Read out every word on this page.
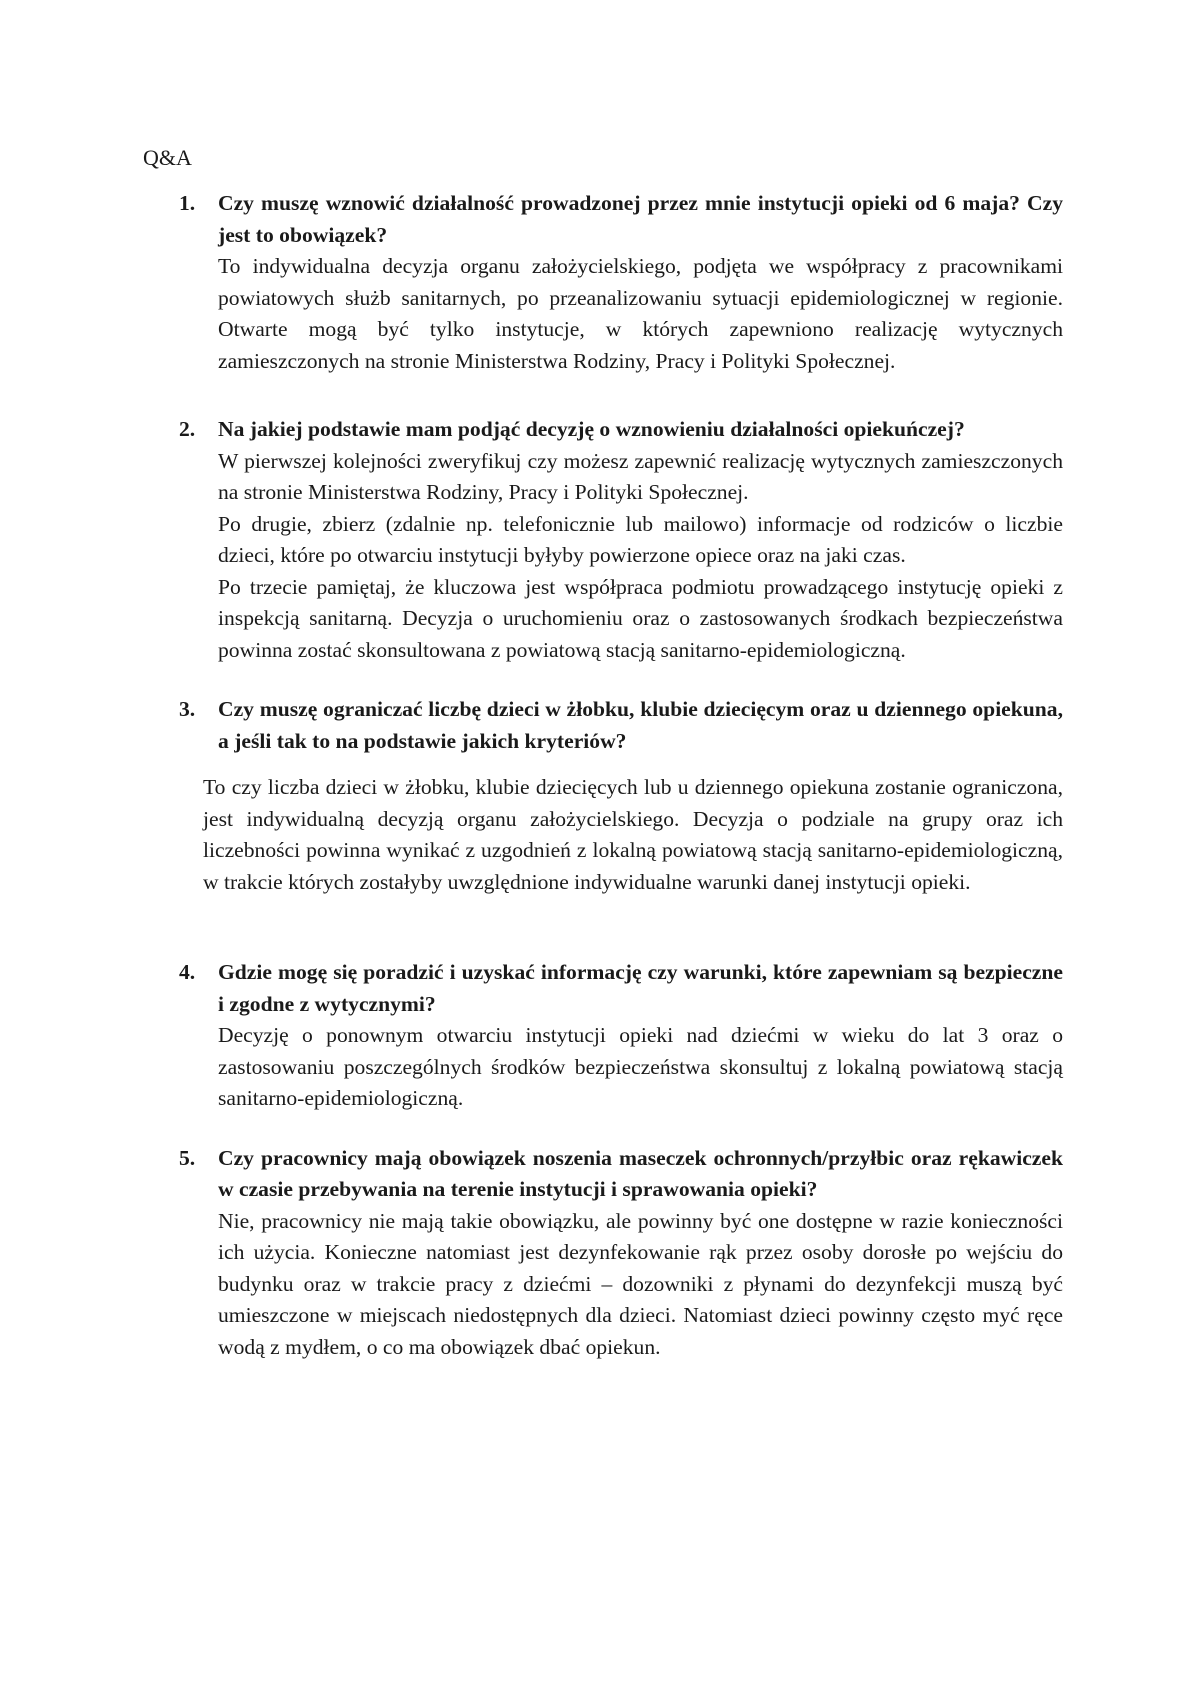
Q&A
1. Czy muszę wznowić działalność prowadzonej przez mnie instytucji opieki od 6 maja? Czy jest to obowiązek?

To indywidualna decyzja organu założycielskiego, podjęta we współpracy z pracownikami powiatowych służb sanitarnych, po przeanalizowaniu sytuacji epidemiologicznej w regionie. Otwarte mogą być tylko instytucje, w których zapewniono realizację wytycznych zamieszczonych na stronie Ministerstwa Rodziny, Pracy i Polityki Społecznej.

2. Na jakiej podstawie mam podjąć decyzję o wznowieniu działalności opiekuńczej?

W pierwszej kolejności zweryfikuj czy możesz zapewnić realizację wytycznych zamieszczonych na stronie Ministerstwa Rodziny, Pracy i Polityki Społecznej.

Po drugie, zbierz (zdalnie np. telefonicznie lub mailowo) informacje od rodziców o liczbie dzieci, które po otwarciu instytucji byłyby powierzone opiece oraz na jaki czas.

Po trzecie pamiętaj, że kluczowa jest współpraca podmiotu prowadzącego instytucję opieki z inspekcją sanitarną. Decyzja o uruchomieniu oraz o zastosowanych środkach bezpieczeństwa powinna zostać skonsultowana z powiatową stacją sanitarno-epidemiologiczną.

3. Czy muszę ograniczać liczbę dzieci w żłobku, klubie dziecięcym oraz u dziennego opiekuna, a jeśli tak to na podstawie jakich kryteriów?

To czy liczba dzieci w żłobku, klubie dziecięcych lub u dziennego opiekuna zostanie ograniczona, jest indywidualną decyzją organu założycielskiego. Decyzja o podziale na grupy oraz ich liczebności powinna wynikać z uzgodnień z lokalną powiatową stacją sanitarno-epidemiologiczną, w trakcie których zostałyby uwzględnione indywidualne warunki danej instytucji opieki.

4. Gdzie mogę się poradzić i uzyskać informację czy warunki, które zapewniam są bezpieczne i zgodne z wytycznymi?

Decyzję o ponownym otwarciu instytucji opieki nad dziećmi w wieku do lat 3 oraz o zastosowaniu poszczególnych środków bezpieczeństwa skonsultuj z lokalną powiatową stacją sanitarno-epidemiologiczną.

5. Czy pracownicy mają obowiązek noszenia maseczek ochronnych/przyłbic oraz rękawiczek w czasie przebywania na terenie instytucji i sprawowania opieki?

Nie, pracownicy nie mają takie obowiązku, ale powinny być one dostępne w razie konieczności ich użycia. Konieczne natomiast jest dezynfekowanie rąk przez osoby dorosłe po wejściu do budynku oraz w trakcie pracy z dziećmi – dozowniki z płynami do dezynfekcji muszą być umieszczone w miejscach niedostępnych dla dzieci. Natomiast dzieci powinny często myć ręce wodą z mydłem, o co ma obowiązek dbać opiekun.
